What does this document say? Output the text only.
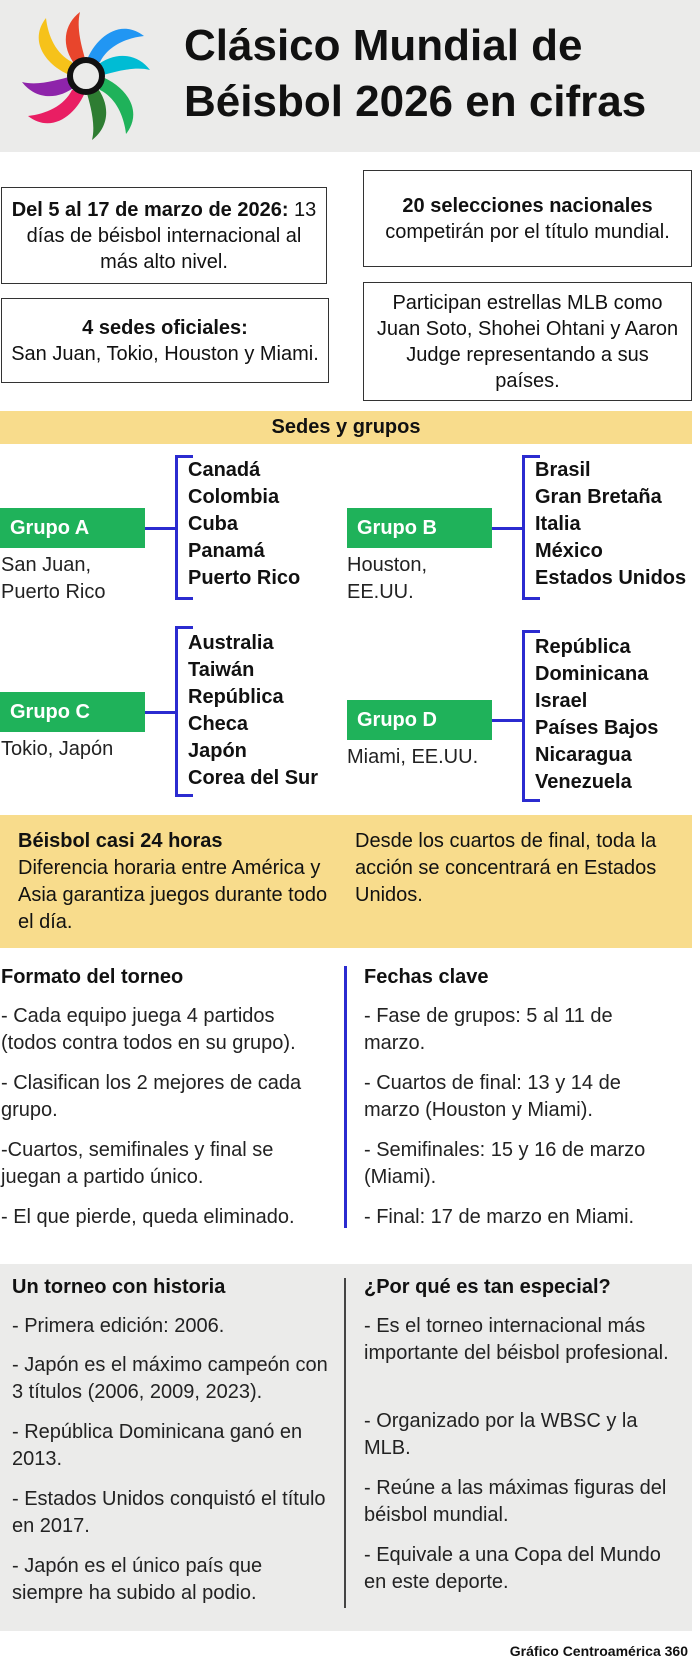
Clásico Mundial de
Béisbol 2026 en cifras
Del 5 al 17 de marzo de 2026: 13 días de béisbol internacional al más alto nivel.
4 sedes oficiales:
San Juan, Tokio, Houston y Miami.
20 selecciones nacionales
competirán por el título mundial.
Participan estrellas MLB como Juan Soto, Shohei Ohtani y Aaron Judge representando a sus países.
Sedes y grupos
Grupo A
San Juan,
Puerto Rico
Canadá
Colombia
Cuba
Panamá
Puerto Rico
Grupo B
Houston,
EE.UU.
Brasil
Gran Bretaña
Italia
México
Estados Unidos
Grupo C
Tokio, Japón
Australia
Taiwán
República
Checa
Japón
Corea del Sur
Grupo D
Miami, EE.UU.
República
Dominicana
Israel
Países Bajos
Nicaragua
Venezuela
Béisbol casi 24 horas
Diferencia horaria entre América y Asia garantiza juegos durante todo el día.
Desde los cuartos de final, toda la acción se concentrará en Estados Unidos.
Formato del torneo
- Cada equipo juega 4 partidos (todos contra todos en su grupo).
- Clasifican los 2 mejores de cada grupo.
-Cuartos, semifinales y final se juegan a partido único.
- El que pierde, queda eliminado.
Fechas clave
- Fase de grupos: 5 al 11 de marzo.
- Cuartos de final: 13 y 14 de marzo (Houston y Miami).
- Semifinales: 15 y 16 de marzo (Miami).
- Final: 17 de marzo en Miami.
Un torneo con historia
- Primera edición: 2006.
- Japón es el máximo campeón con 3 títulos (2006, 2009, 2023).
- República Dominicana ganó en 2013.
- Estados Unidos conquistó el título en 2017.
- Japón es el único país que siempre ha subido al podio.
¿Por qué es tan especial?
- Es el torneo internacional más importante del béisbol profesional.
- Organizado por la WBSC y la MLB.
- Reúne a las máximas figuras del béisbol mundial.
- Equivale a una Copa del Mundo en este deporte.
Gráfico Centroamérica 360
